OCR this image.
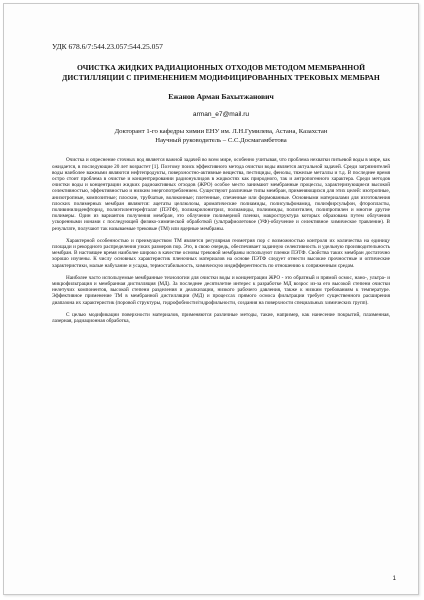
УДК 678.6/7:544.23.057:544.25.057

ОЧИСТКА ЖИДКИХ РАДИАЦИОННЫХ ОТХОДОВ МЕТОДОМ МЕМБРАННОЙ ДИСТИЛЛЯЦИИ С ПРИМЕНЕНИЕМ МОДИФИЦИРОВАННЫХ ТРЕКОВЫХ МЕМБРАН

Ежанов Арман Бахытжанович

arman_e7@mail.ru

Докторант 1-го кафедры химии ЕНУ им. Л.Н.Гумилева, Астана, Казахстан

Научный руководитель – С.С.Досмагамбетова

Очистка и опреснение сточных вод является важной задачей во всем мире, особенно учитывая, что проблема нехватки питьевой воды в мире, как ожидается, в последующие 20 лет возрастет [1]. Поэтому поиск эффективного метода очистки воды является актуальной задачей. Среди загрязнителей воды наиболее важными являются нефтепродукты, поверхностно-активные вещества, пестициды, фенолы, тяжелые металлы и т.д. В последнее время остро стоит проблема в очистке и концентрировании радионуклидов в жидкостях как природного, так и антропогенного характера. Среди методов очистки воды и концентрации жидких радиоактивных отходов (ЖРО) особое место занимают мембранные процессы, характеризующиеся высокой селективностью, эффективностью и низким энергопотреблением. Существуют различные типы мембран, применяющихся для этих целей: изотропные, анизотропные, композитные; плоские, трубчатые, волоконные; плетенные, спеченные или формованные. Основными материалами для изготовления плоских полимерных мембран являются: ацетаты целлюлозы, ароматические полиамиды, полисульфонамид, полиэфирсульфон, фторопласты, поливинилиденфторид, полиэтилентерефталат (ПЭТФ), полиакрилонитрил, полиамиды, полиимиды, полиэтилен, полипропилен и многие другие полимеры. Один из вариантов получения мембран, это облучение полимерной пленки, макроструктура которых образована путем облучения ускоренными ионами с последующей физико-химической обработкой (ультрафиолетовое (УФ)-облучение и селективное химическое травление). В результате, получают так называемые трековые (ТМ) или ядерные мембраны.

Характерной особенностью и преимуществом ТМ является регулярная геометрия пор с возможностью контроля их количества на единицу площади и рекордного распределения узких размеров пор. Это, в свою очередь, обеспечивает заданную селективность и удельную производительность мембран. В настоящее время наиболее широко в качестве основы трековой мембраны используют пленки ПЭТФ. Свойства таких мембран достаточно хорошо изучены. К числу основных характеристик пленочных материалов на основе ПЭТФ следует отнести высокие прочностные и оптические характеристики, малые набухание и усадка, термостабильность, химическую индифферентность по отношению к сопряженным средам.

Наиболее часто используемые мембранные технологии для очистки воды и концентрации ЖРО - это обратный и прямой осмос, нано-, ультра- и микрофильтрация и мембранная дистилляция (МД). За последнее десятилетие интерес к разработке МД возрос из-за его высокой степени очистки нелетучих компонентов, высокой степени разделения и деалкизации, низкого рабочего давления, также к низким требованиям к температуре. Эффективное применение ТМ в мембранной дистилляции (МД) и процессах прямого осмоса фильтрации требует существенного расширения диапазона их характеристик (поровой структуры, гидрофобности/гидрофильности, создания на поверхности специальных химических групп).

С целью модификации поверхности материалов, применяются различные методы, такие, например, как нанесение покрытий, плазменная, лазерная, радиационная обработка,

1
